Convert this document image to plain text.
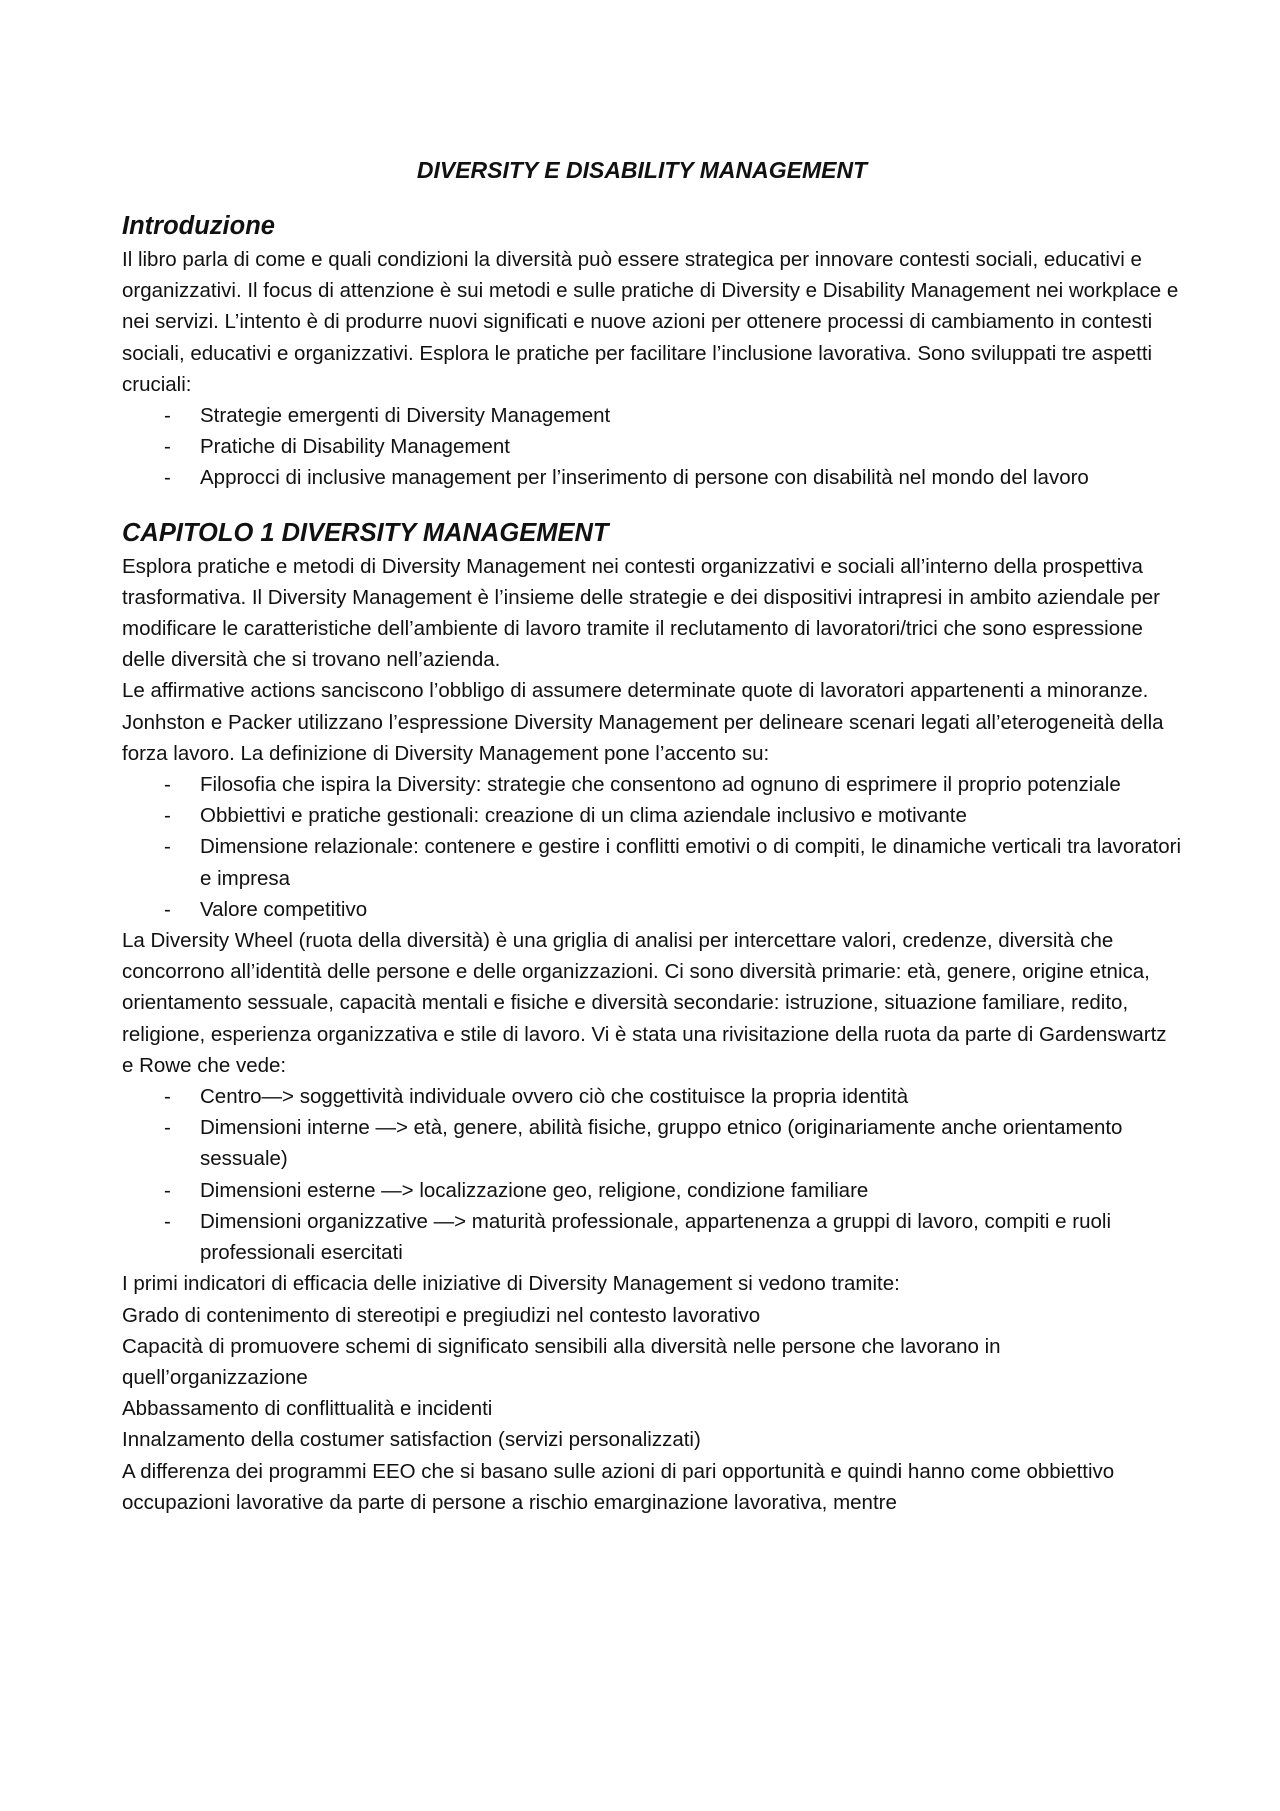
DIVERSITY E DISABILITY MANAGEMENT
Introduzione

Il libro parla di come e quali condizioni la diversità può essere strategica per innovare contesti sociali, educativi e organizzativi. Il focus di attenzione è sui metodi e sulle pratiche di Diversity e Disability Management nei workplace e nei servizi. L’intento è di produrre nuovi significati e nuove azioni per ottenere processi di cambiamento in contesti sociali, educativi e organizzativi. Esplora le pratiche per facilitare l’inclusione lavorativa. Sono sviluppati tre aspetti cruciali:

- Strategie emergenti di Diversity Management
- Pratiche di Disability Management
- Approcci di inclusive management per l’inserimento di persone con disabilità nel mondo del lavoro
CAPITOLO 1 DIVERSITY MANAGEMENT

Esplora pratiche e metodi di Diversity Management nei contesti organizzativi e sociali all’interno della prospettiva trasformativa. Il Diversity Management è l’insieme delle strategie e dei dispositivi intrapresi in ambito aziendale per modificare le caratteristiche dell’ambiente di lavoro tramite il reclutamento di lavoratori/trici che sono espressione delle diversità che si trovano nell’azienda.

Le affirmative actions sanciscono l’obbligo di assumere determinate quote di lavoratori appartenenti a minoranze. Jonhston e Packer utilizzano l’espressione Diversity Management per delineare scenari legati all’eterogeneità della forza lavoro. La definizione di Diversity Management pone l’accento su:

- Filosofia che ispira la Diversity: strategie che consentono ad ognuno di esprimere il proprio potenziale
- Obbiettivi e pratiche gestionali: creazione di un clima aziendale inclusivo e motivante
- Dimensione relazionale: contenere e gestire i conflitti emotivi o di compiti, le dinamiche verticali tra lavoratori e impresa
- Valore competitivo

La Diversity Wheel (ruota della diversità) è una griglia di analisi per intercettare valori, credenze, diversità che concorrono all’identità delle persone e delle organizzazioni. Ci sono diversità primarie: età, genere, origine etnica, orientamento sessuale, capacità mentali e fisiche e diversità secondarie: istruzione, situazione familiare, redito, religione, esperienza organizzativa e stile di lavoro. Vi è stata una rivisitazione della ruota da parte di Gardenswartz e Rowe che vede:

- Centro—> soggettività individuale ovvero ciò che costituisce la propria identità
- Dimensioni interne —> età, genere, abilità fisiche, gruppo etnico (originariamente anche orientamento sessuale)
- Dimensioni esterne —> localizzazione geo, religione, condizione familiare
- Dimensioni organizzative —> maturità professionale, appartenenza a gruppi di lavoro, compiti e ruoli professionali esercitati

I primi indicatori di efficacia delle iniziative di Diversity Management si vedono tramite:

Grado di contenimento di stereotipi e pregiudizi nel contesto lavorativo

Capacità di promuovere schemi di significato sensibili alla diversità nelle persone che lavorano in quell’organizzazione

Abbassamento di conflittualità e incidenti

Innalzamento della costumer satisfaction (servizi personalizzati)

A differenza dei programmi EEO che si basano sulle azioni di pari opportunità e quindi hanno come obbiettivo occupazioni lavorative da parte di persone a rischio emarginazione lavorativa, mentre
